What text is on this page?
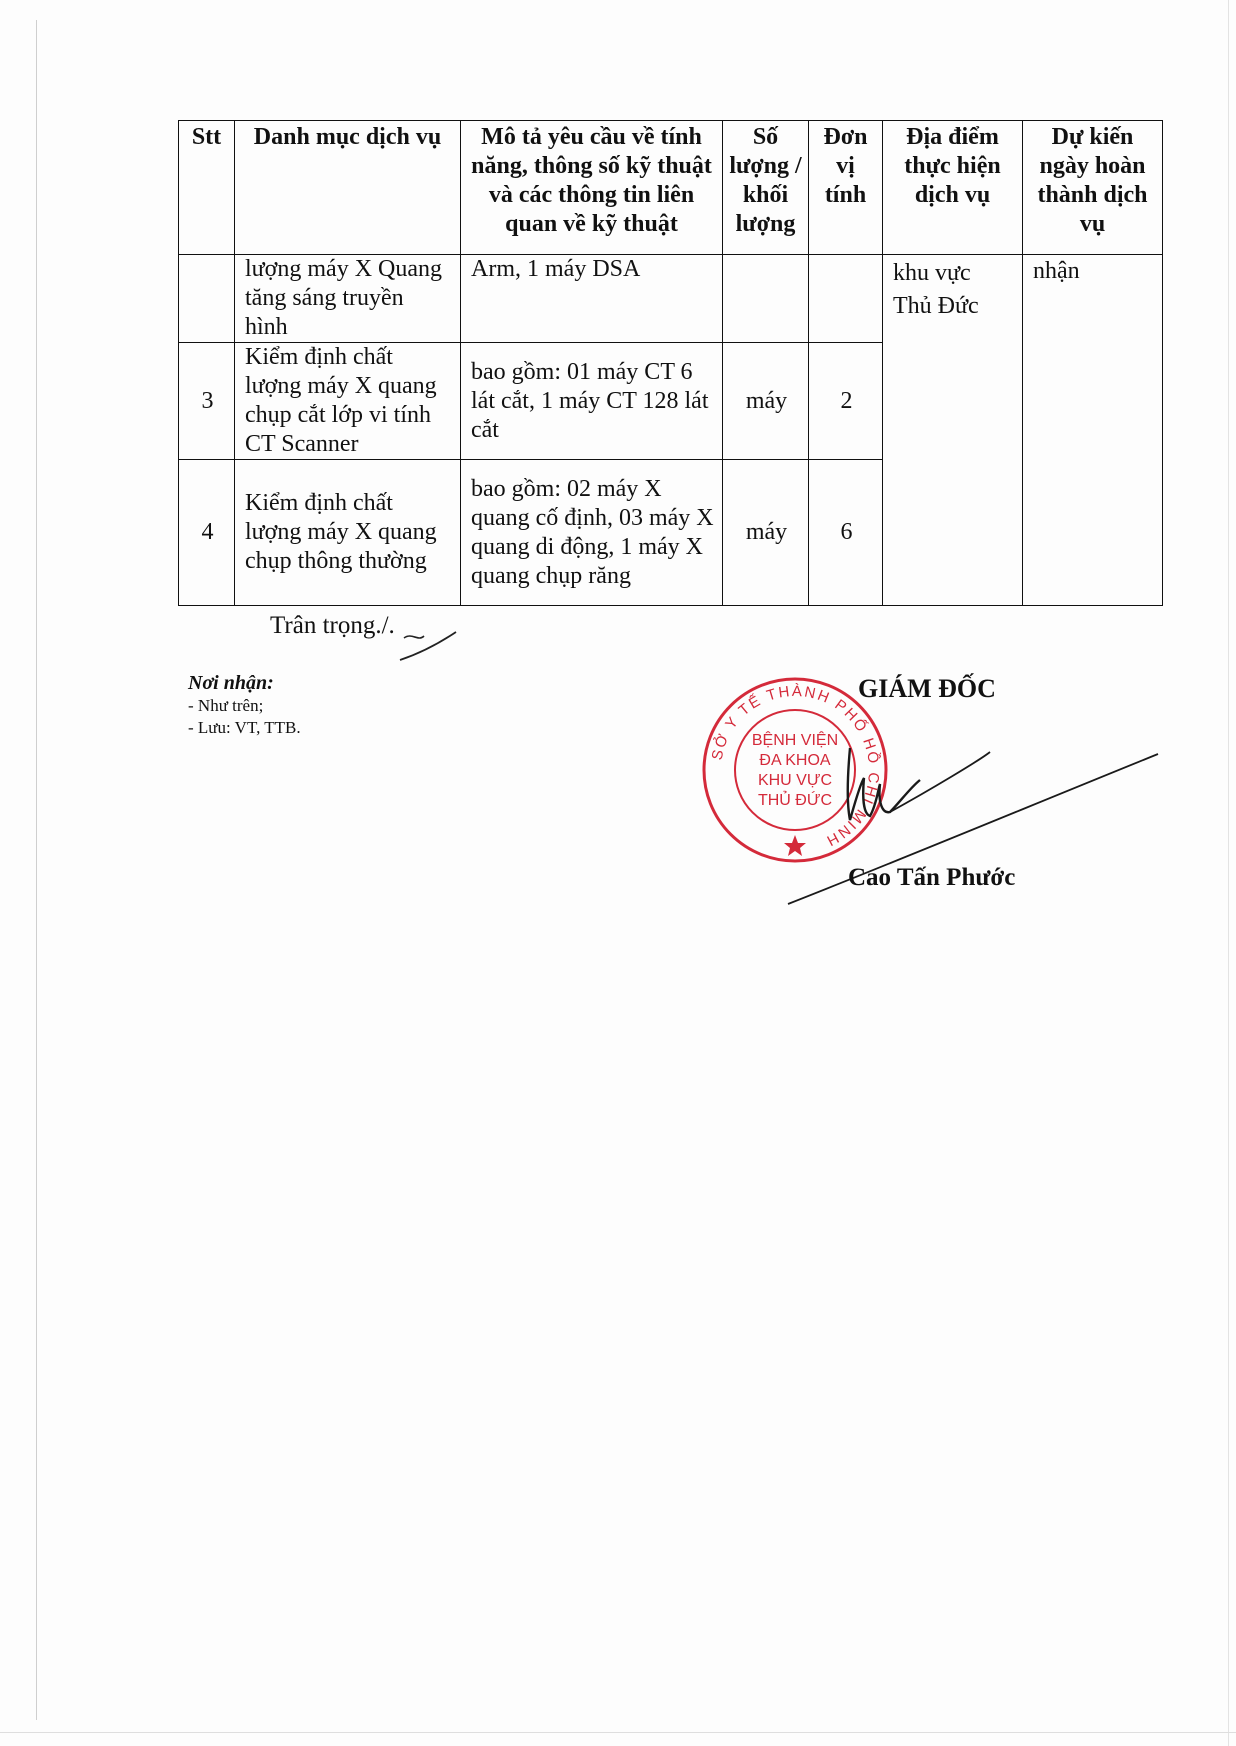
Stt	Danh mục dịch vụ	Mô tả yêu cầu về tính năng, thông số kỹ thuật và các thông tin liên quan về kỹ thuật	Số lượng / khối lượng	Đơn vị tính	Địa điểm thực hiện dịch vụ	Dự kiến ngày hoàn thành dịch vụ
	lượng máy X Quang tăng sáng truyền hình	Arm, 1 máy DSA			khu vực Thủ Đức	nhận
3	Kiểm định chất lượng máy X quang chụp cắt lớp vi tính CT Scanner	bao gồm: 01 máy CT 6 lát cắt, 1 máy CT 128 lát cắt	máy	2		
4	Kiểm định chất lượng máy X quang chụp thông thường	bao gồm: 02 máy X quang cố định, 03 máy X quang di động, 1 máy X quang chụp răng	máy	6		
Trân trọng./.
Nơi nhận:
- Như trên;
- Lưu: VT, TTB.
GIÁM ĐỐC
SỞ Y TẾ THÀNH PHỐ HỒ CHÍ MINH
BỆNH VIỆN
ĐA KHOA
KHU VỰC
THỦ ĐỨC
Cao Tấn Phước
